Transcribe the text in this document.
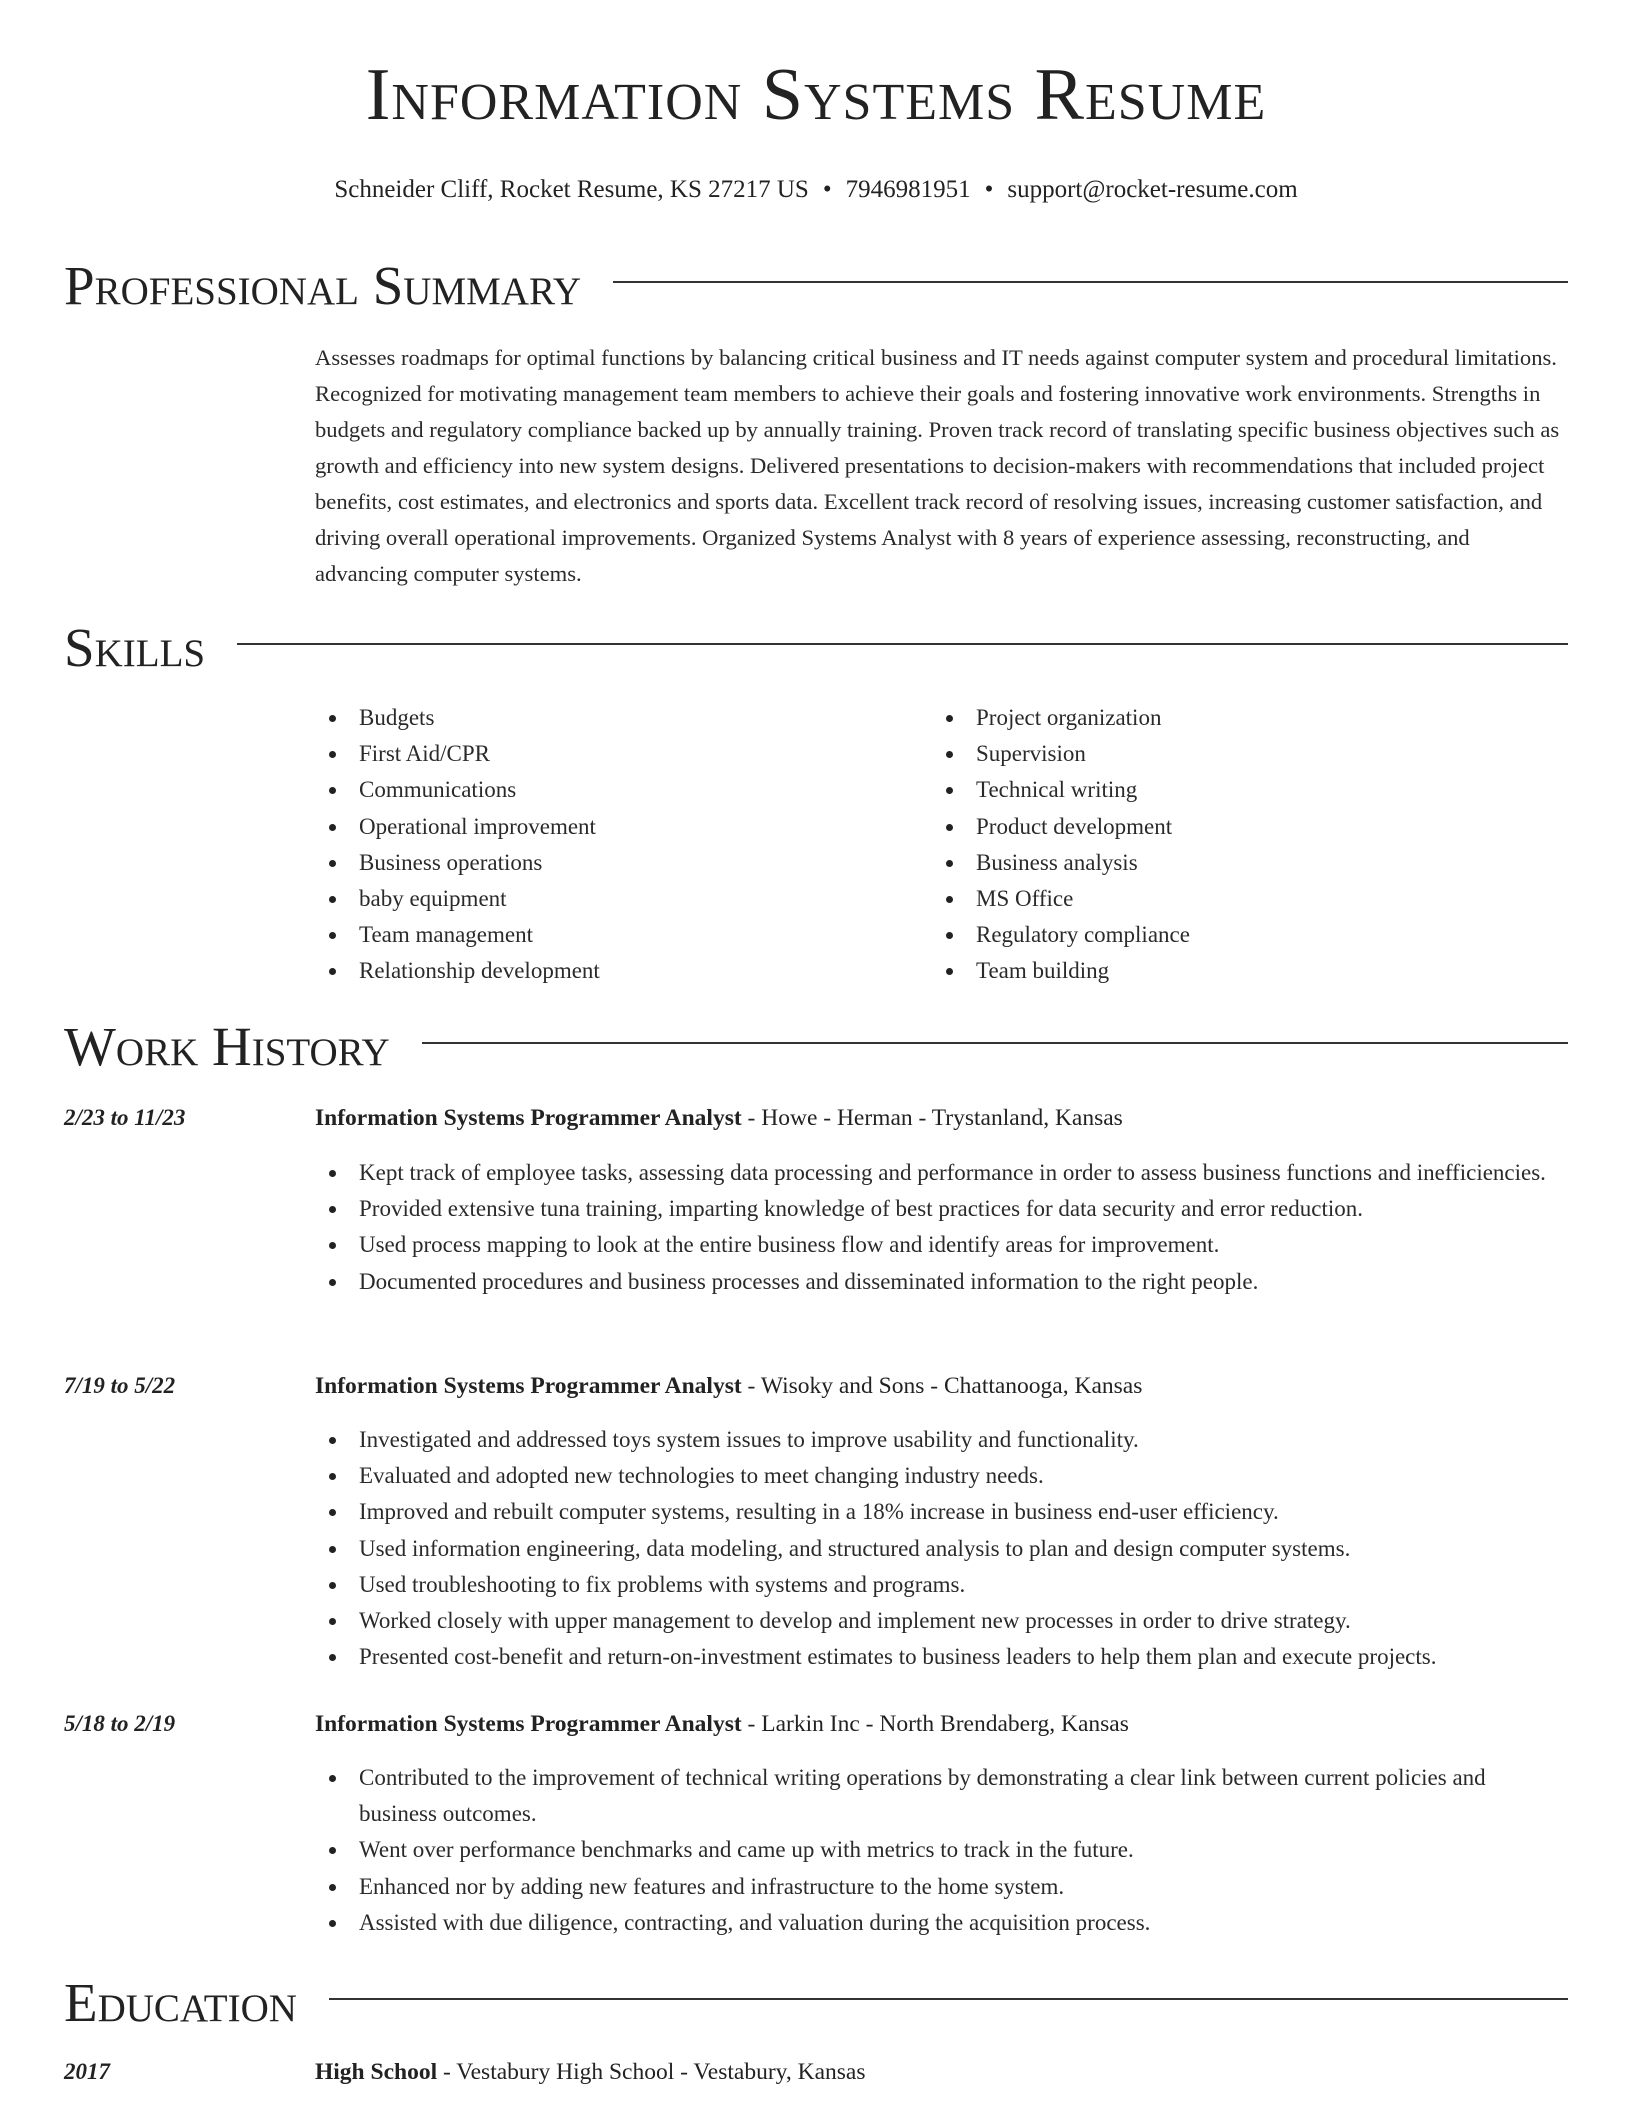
Information Systems Resume
Schneider Cliff, Rocket Resume, KS 27217 US • 7946981951 • support@rocket-resume.com
Professional Summary
Assesses roadmaps for optimal functions by balancing critical business and IT needs against computer system and procedural limitations. Recognized for motivating management team members to achieve their goals and fostering innovative work environments. Strengths in budgets and regulatory compliance backed up by annually training. Proven track record of translating specific business objectives such as growth and efficiency into new system designs. Delivered presentations to decision-makers with recommendations that included project benefits, cost estimates, and electronics and sports data. Excellent track record of resolving issues, increasing customer satisfaction, and driving overall operational improvements. Organized Systems Analyst with 8 years of experience assessing, reconstructing, and advancing computer systems.
Skills
Budgets
First Aid/CPR
Communications
Operational improvement
Business operations
baby equipment
Team management
Relationship development
Project organization
Supervision
Technical writing
Product development
Business analysis
MS Office
Regulatory compliance
Team building
Work History
2/23 to 11/23	Information Systems Programmer Analyst - Howe - Herman - Trystanland, Kansas
Kept track of employee tasks, assessing data processing and performance in order to assess business functions and inefficiencies.
Provided extensive tuna training, imparting knowledge of best practices for data security and error reduction.
Used process mapping to look at the entire business flow and identify areas for improvement.
Documented procedures and business processes and disseminated information to the right people.
7/19 to 5/22	Information Systems Programmer Analyst - Wisoky and Sons - Chattanooga, Kansas
Investigated and addressed toys system issues to improve usability and functionality.
Evaluated and adopted new technologies to meet changing industry needs.
Improved and rebuilt computer systems, resulting in a 18% increase in business end-user efficiency.
Used information engineering, data modeling, and structured analysis to plan and design computer systems.
Used troubleshooting to fix problems with systems and programs.
Worked closely with upper management to develop and implement new processes in order to drive strategy.
Presented cost-benefit and return-on-investment estimates to business leaders to help them plan and execute projects.
5/18 to 2/19	Information Systems Programmer Analyst - Larkin Inc - North Brendaberg, Kansas
Contributed to the improvement of technical writing operations by demonstrating a clear link between current policies and business outcomes.
Went over performance benchmarks and came up with metrics to track in the future.
Enhanced nor by adding new features and infrastructure to the home system.
Assisted with due diligence, contracting, and valuation during the acquisition process.
Education
2017	High School - Vestabury High School - Vestabury, Kansas
